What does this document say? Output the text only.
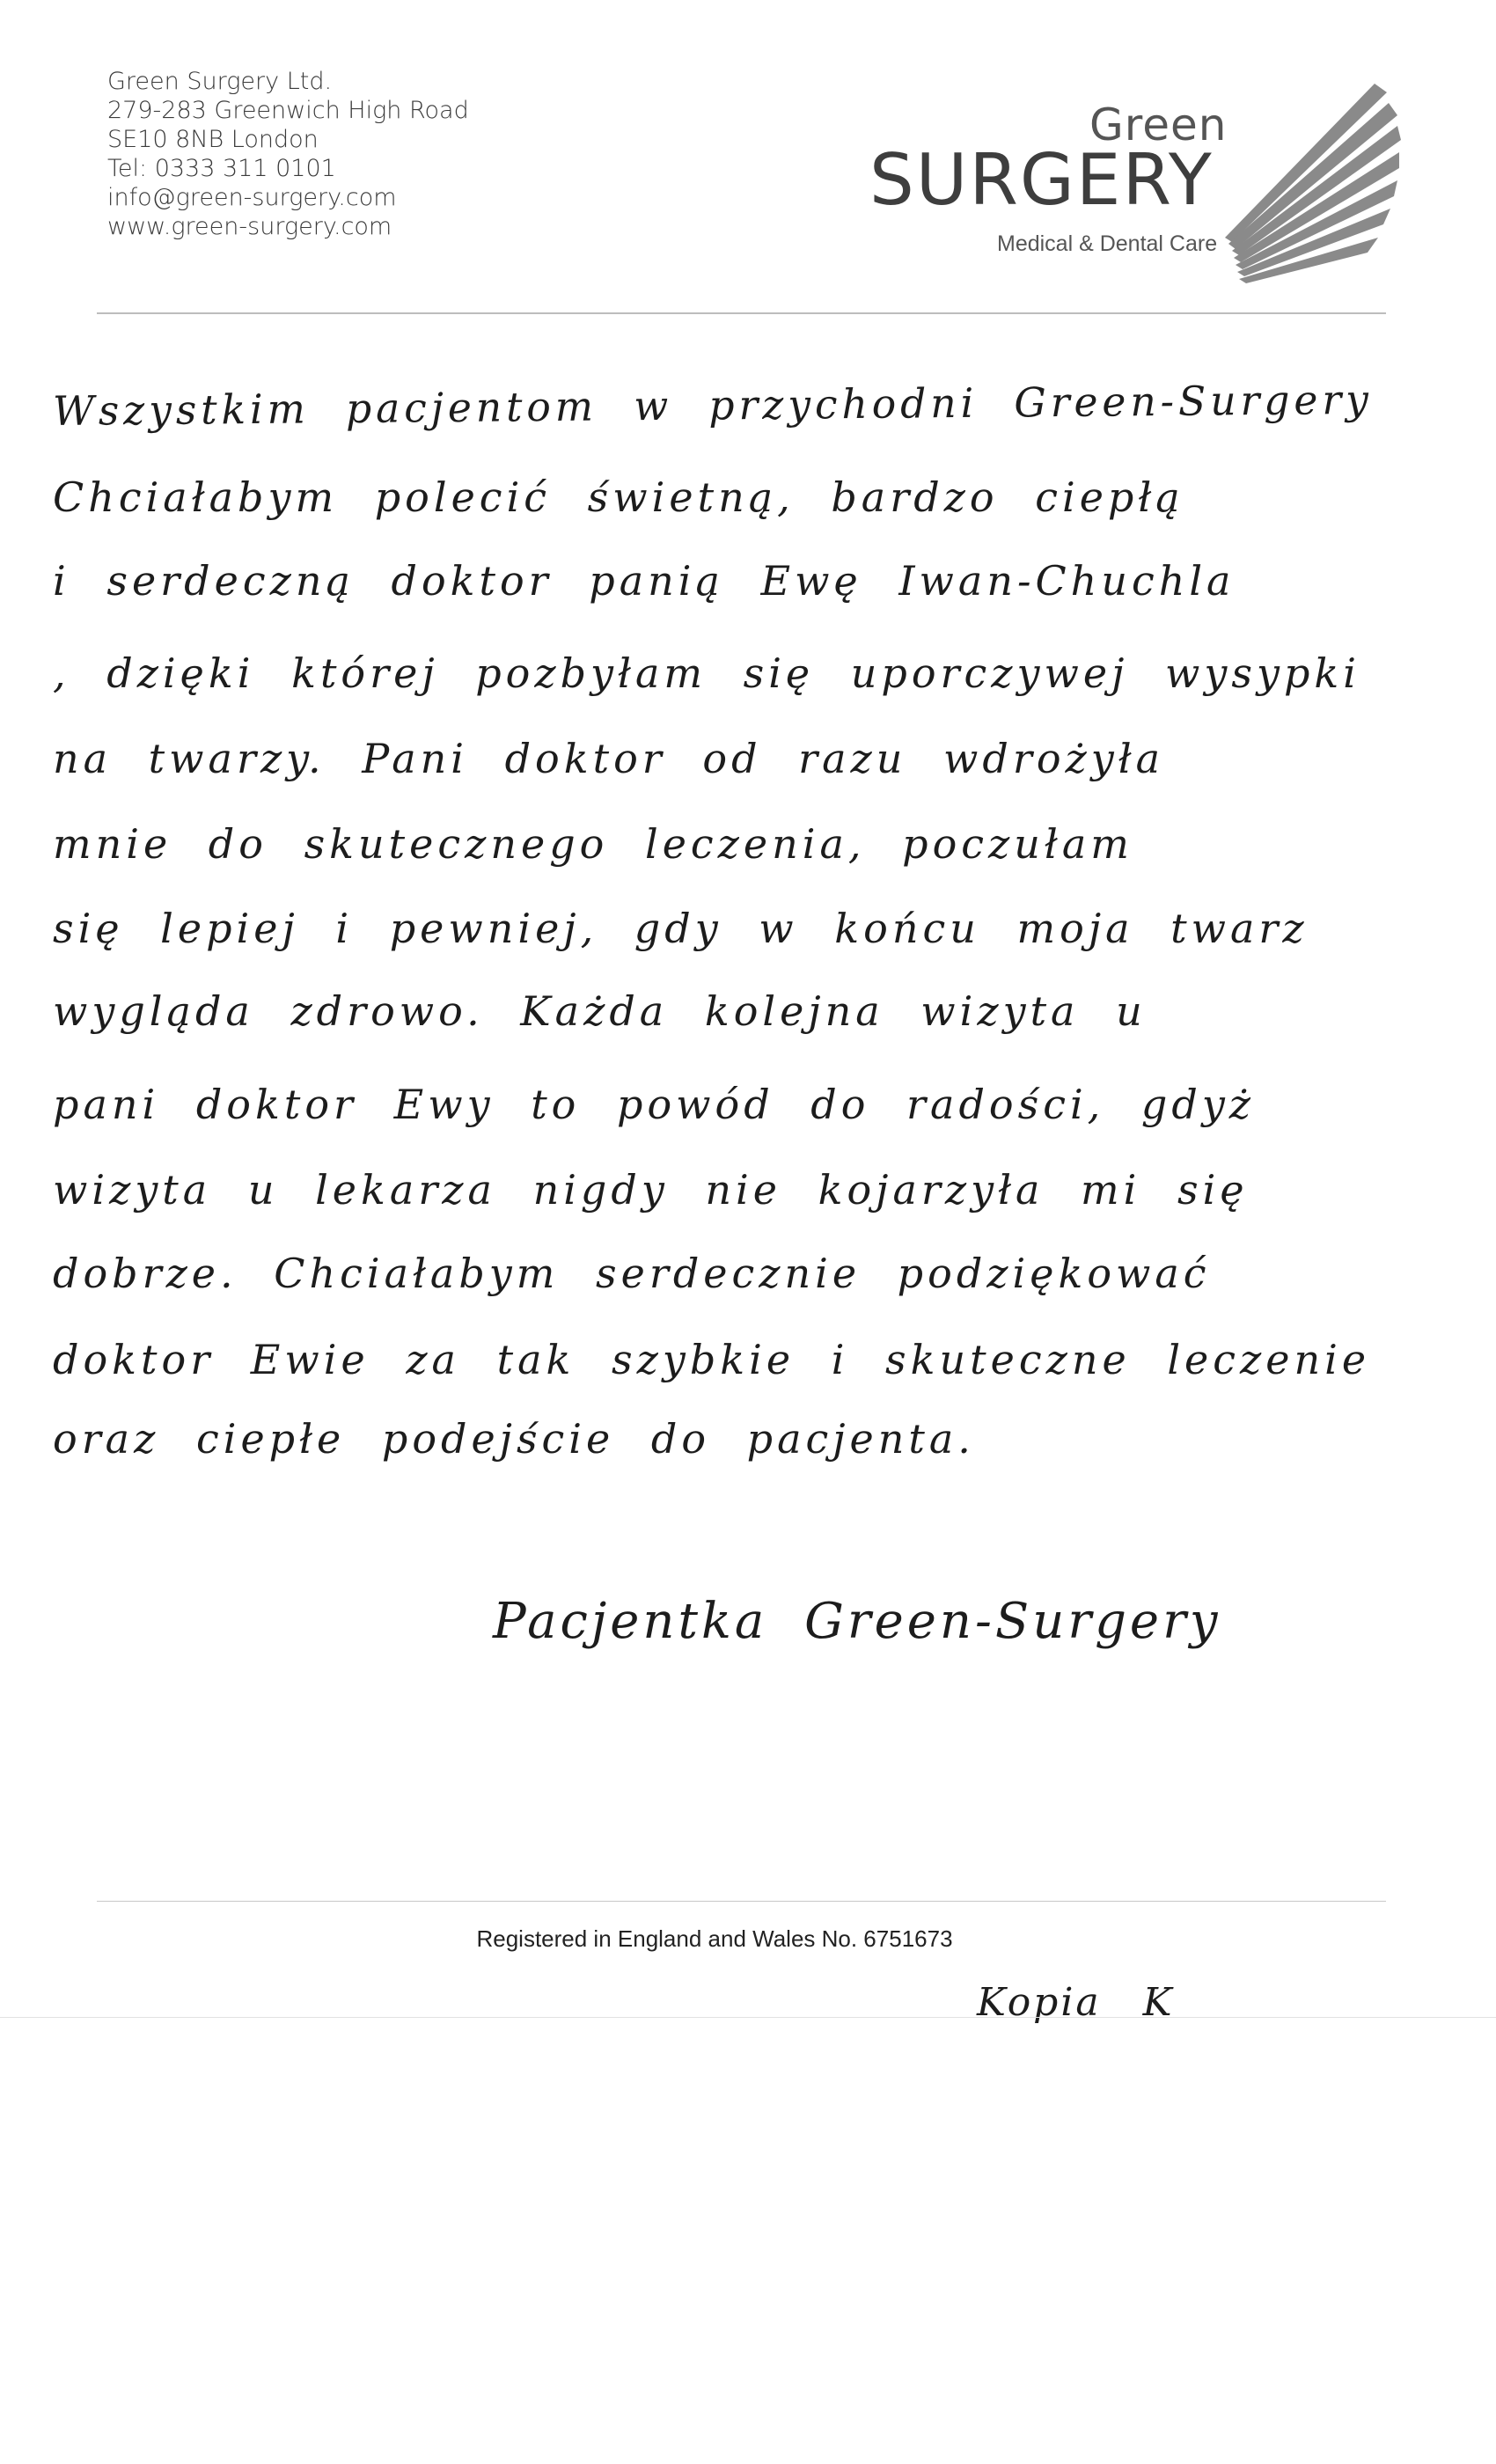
Green Surgery Ltd.
279-283 Greenwich High Road
SE10 8NB London
Tel: 0333 311 0101
info@green-surgery.com
www.green-surgery.com
Green
SURGERY
Medical & Dental Care
Wszystkim pacjentom w przychodni Green-Surgery
Chciałabym polecić świetną, bardzo ciepłą
i serdeczną doktor panią Ewę Iwan-Chuchla
, dzięki której pozbyłam się uporczywej wysypki
na twarzy. Pani doktor od razu wdrożyła
mnie do skutecznego leczenia, poczułam
się lepiej i pewniej, gdy w końcu moja twarz
wygląda zdrowo. Każda kolejna wizyta u
pani doktor Ewy to powód do radości, gdyż
wizyta u lekarza nigdy nie kojarzyła mi się
dobrze. Chciałabym serdecznie podziękować
doktor Ewie za tak szybkie i skuteczne leczenie
oraz ciepłe podejście do pacjenta.
Pacjentka Green-Surgery
Registered in England and Wales No. 6751673
Kopia K
